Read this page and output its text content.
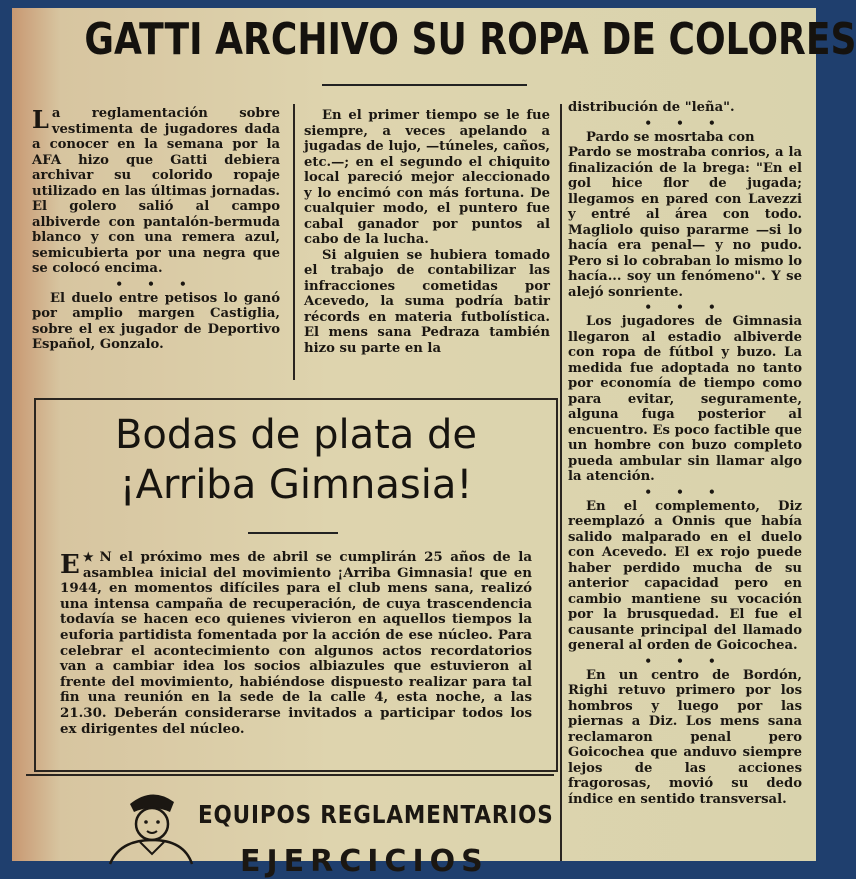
GATTI ARCHIVO SU ROPA DE COLORES

La reglamentación sobre vestimenta de jugadores dada a conocer en la semana por la AFA hizo que Gatti debiera archivar su colorido ropaje utilizado en las últimas jornadas. El golero salió al campo albiverde con pantalón-bermuda blanco y con una remera azul, semicubierta por una negra que se colocó encima.

• • •

El duelo entre petisos lo ganó por amplio margen Castiglia, sobre el ex jugador de Deportivo Español, Gonzalo.

En el primer tiempo se le fue siempre, a veces apelando a jugadas de lujo, —túneles, caños, etc.—; en el segundo el chiquito local pareció mejor aleccionado y lo encimó con más fortuna. De cualquier modo, el puntero fue cabal ganador por puntos al cabo de la lucha.

Si alguien se hubiera tomado el trabajo de contabilizar las infracciones cometidas por Acevedo, la suma podría batir récords en materia futbolística. El mens sana Pedraza también hizo su parte en la

distribución de "leña".

• • •

Pardo se mosrtaba con

Pardo se mostraba conrios, a la finalización de la brega: "En el gol hice flor de jugada; llegamos en pared con Lavezzi y entré al área con todo. Magliolo quiso pararme —si lo hacía era penal— y no pudo. Pero si lo cobraban lo mismo lo hacía... soy un fenómeno". Y se alejó sonriente.

• • •

Los jugadores de Gimnasia llegaron al estadio albiverde con ropa de fútbol y buzo. La medida fue adoptada no tanto por economía de tiempo como para evitar, seguramente, alguna fuga posterior al encuentro. Es poco factible que un hombre con buzo completo pueda ambular sin llamar algo la atención.

• • •

En el complemento, Diz reemplazó a Onnis que había salido malparado en el duelo con Acevedo. El ex rojo puede haber perdido mucha de su anterior capacidad pero en cambio mantiene su vocación por la brusquedad. El fue el causante principal del llamado general al orden de Goicochea.

• • •

En un centro de Bordón, Righi retuvo primero por los hombros y luego por las piernas a Diz. Los mens sana reclamaron penal pero Goicochea que anduvo siempre lejos de las acciones fragorosas, movió su dedo índice en sentido transversal.

Bodas de plata de
¡Arriba Gimnasia!
★
E N el próximo mes de abril se cumplirán 25 años de la asamblea inicial del movimiento ¡Arriba Gimnasia! que en 1944, en momentos difíciles para el club mens sana, realizó una intensa campaña de recuperación, de cuya trascendencia todavía se hacen eco quienes vivieron en aquellos tiempos la euforia partidista fomentada por la acción de ese núcleo. Para celebrar el acontecimiento con algunos actos recordatorios van a cambiar idea los socios albiazules que estuvieron al frente del movimiento, habiéndose dispuesto realizar para tal fin una reunión en la sede de la calle 4, esta noche, a las 21.30. Deberán considerarse invitados a participar todos los ex dirigentes del núcleo.
EQUIPOS REGLAMENTARIOS
EJERCICIOS
